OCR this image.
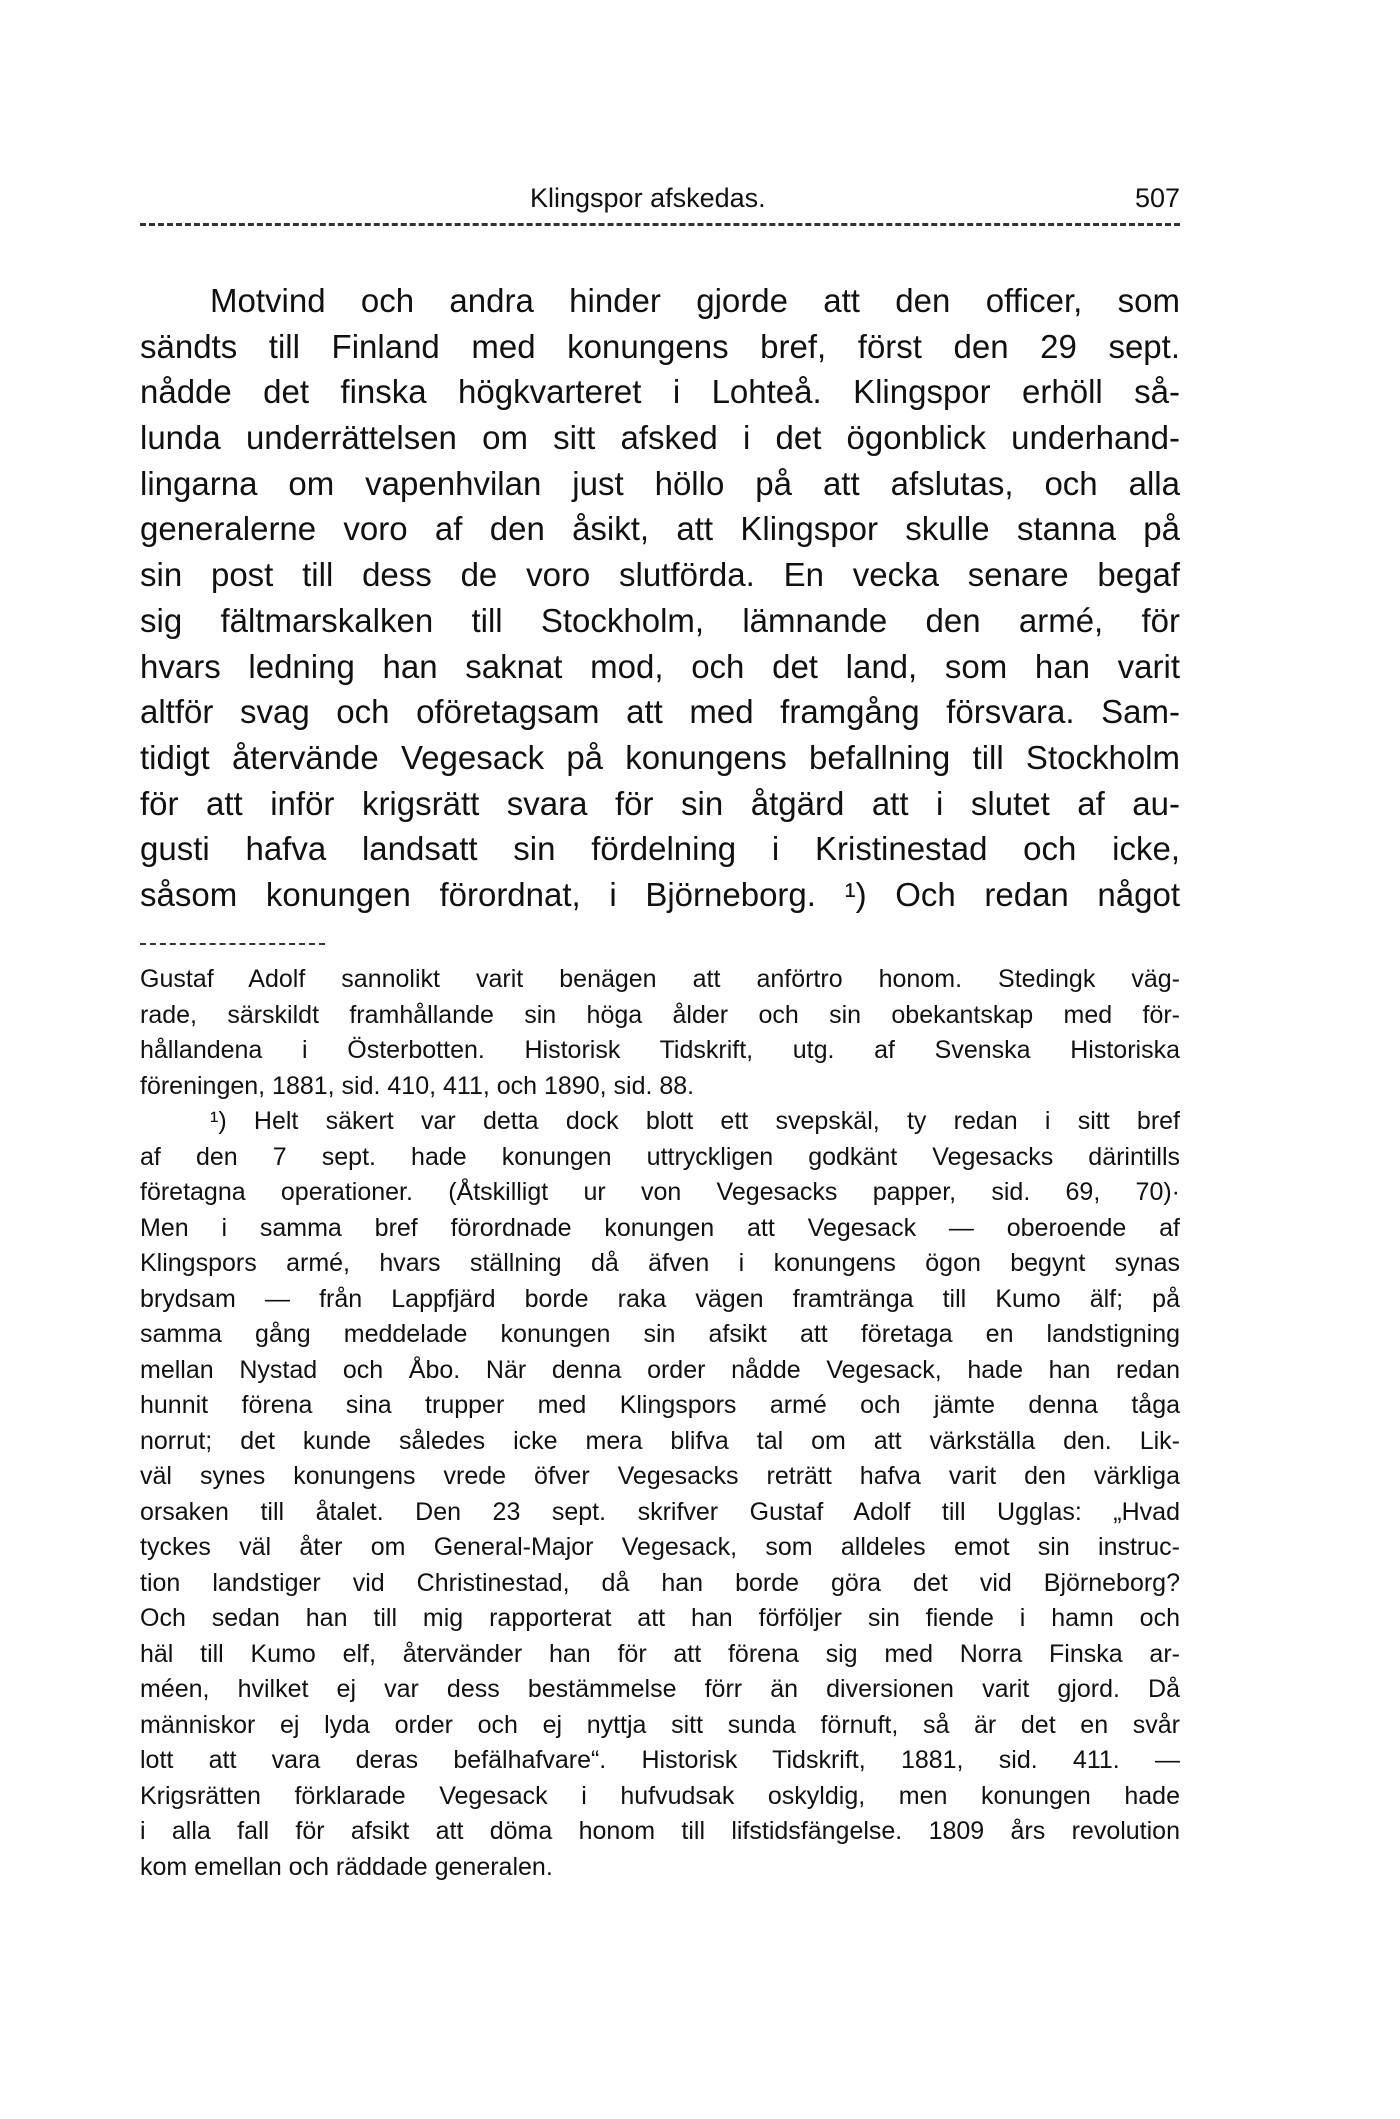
Klingspor afskedas.	507
Motvind och andra hinder gjorde att den officer, som
sändts till Finland med konungens bref, först den 29 sept.
nådde det finska högkvarteret i Lohteå. Klingspor erhöll så-
lunda underrättelsen om sitt afsked i det ögonblick underhand-
lingarna om vapenhvilan just höllo på att afslutas, och alla
generalerne voro af den åsikt, att Klingspor skulle stanna på
sin post till dess de voro slutförda. En vecka senare begaf
sig fältmarskalken till Stockholm, lämnande den armé, för
hvars ledning han saknat mod, och det land, som han varit
altför svag och oföretagsam att med framgång försvara. Sam-
tidigt återvände Vegesack på konungens befallning till Stockholm
för att inför krigsrätt svara för sin åtgärd att i slutet af au-
gusti hafva landsatt sin fördelning i Kristinestad och icke,
såsom konungen förordnat, i Björneborg. ¹) Och redan något
Gustaf Adolf sannolikt varit benägen att anförtro honom. Stedingk väg-
rade, särskildt framhållande sin höga ålder och sin obekantskap med för-
hållandena i Österbotten. Historisk Tidskrift, utg. af Svenska Historiska
föreningen, 1881, sid. 410, 411, och 1890, sid. 88.
¹) Helt säkert var detta dock blott ett svepskäl, ty redan i sitt bref
af den 7 sept. hade konungen uttryckligen godkänt Vegesacks därintills
företagna operationer. (Åtskilligt ur von Vegesacks papper, sid. 69, 70)·
Men i samma bref förordnade konungen att Vegesack — oberoende af
Klingspors armé, hvars ställning då äfven i konungens ögon begynt synas
brydsam — från Lappfjärd borde raka vägen framtränga till Kumo älf; på
samma gång meddelade konungen sin afsikt att företaga en landstigning
mellan Nystad och Åbo. När denna order nådde Vegesack, hade han redan
hunnit förena sina trupper med Klingspors armé och jämte denna tåga
norrut; det kunde således icke mera blifva tal om att värkställa den. Lik-
väl synes konungens vrede öfver Vegesacks reträtt hafva varit den värkliga
orsaken till åtalet. Den 23 sept. skrifver Gustaf Adolf till Ugglas: „Hvad
tyckes väl åter om General-Major Vegesack, som alldeles emot sin instruc-
tion landstiger vid Christinestad, då han borde göra det vid Björneborg?
Och sedan han till mig rapporterat att han förföljer sin fiende i hamn och
häl till Kumo elf, återvänder han för att förena sig med Norra Finska ar-
méen, hvilket ej var dess bestämmelse förr än diversionen varit gjord. Då
människor ej lyda order och ej nyttja sitt sunda förnuft, så är det en svår
lott att vara deras befälhafvare“. Historisk Tidskrift, 1881, sid. 411. —
Krigsrätten förklarade Vegesack i hufvudsak oskyldig, men konungen hade
i alla fall för afsikt att döma honom till lifstidsfängelse. 1809 års revolution
kom emellan och räddade generalen.
